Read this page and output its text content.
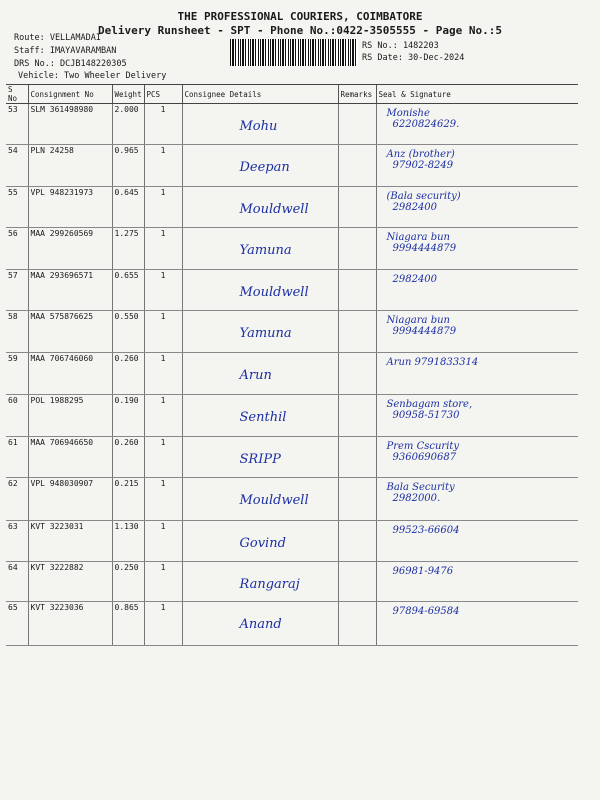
THE PROFESSIONAL COURIERS, COIMBATORE
Delivery Runsheet - SPT - Phone No.:0422-3505555 - Page No.:5
Route: VELLAMADAI
Staff: IMAYAVARAMBAN
DRS No.: DCJB148220305
Vehicle: Two Wheeler Delivery
RS No.: 1482203
RS Date: 30-Dec-2024
S No	Consignment No	Weight	PCS	Consignee Details	Remarks	Seal & Signature
53	SLM 361498980	2.000	1	Mohu		Monishe
6220824629.

54	PLN 24258	0.965	1	Deepan		Anz (brother)
97902-8249

55	VPL 948231973	0.645	1	Mouldwell		(Bala security)
2982400

56	MAA 299260569	1.275	1	Yamuna		Niagara bun
9994444879

57	MAA 293696571	0.655	1	Mouldwell		2982400

58	MAA 575876625	0.550	1	Yamuna		Niagara bun
9994444879

59	MAA 706746060	0.260	1	Arun		Arun 9791833314

60	POL 1988295	0.190	1	Senthil		Senbagam store,
90958-51730

61	MAA 706946650	0.260	1	SRIPP		Prem Cscurity
9360690687

62	VPL 948030907	0.215	1	Mouldwell		Bala Security
2982000.

63	KVT 3223031	1.130	1	Govind		99523-66604

64	KVT 3222882	0.250	1	Rangaraj		96981-9476

65	KVT 3223036	0.865	1	Anand		97894-69584
